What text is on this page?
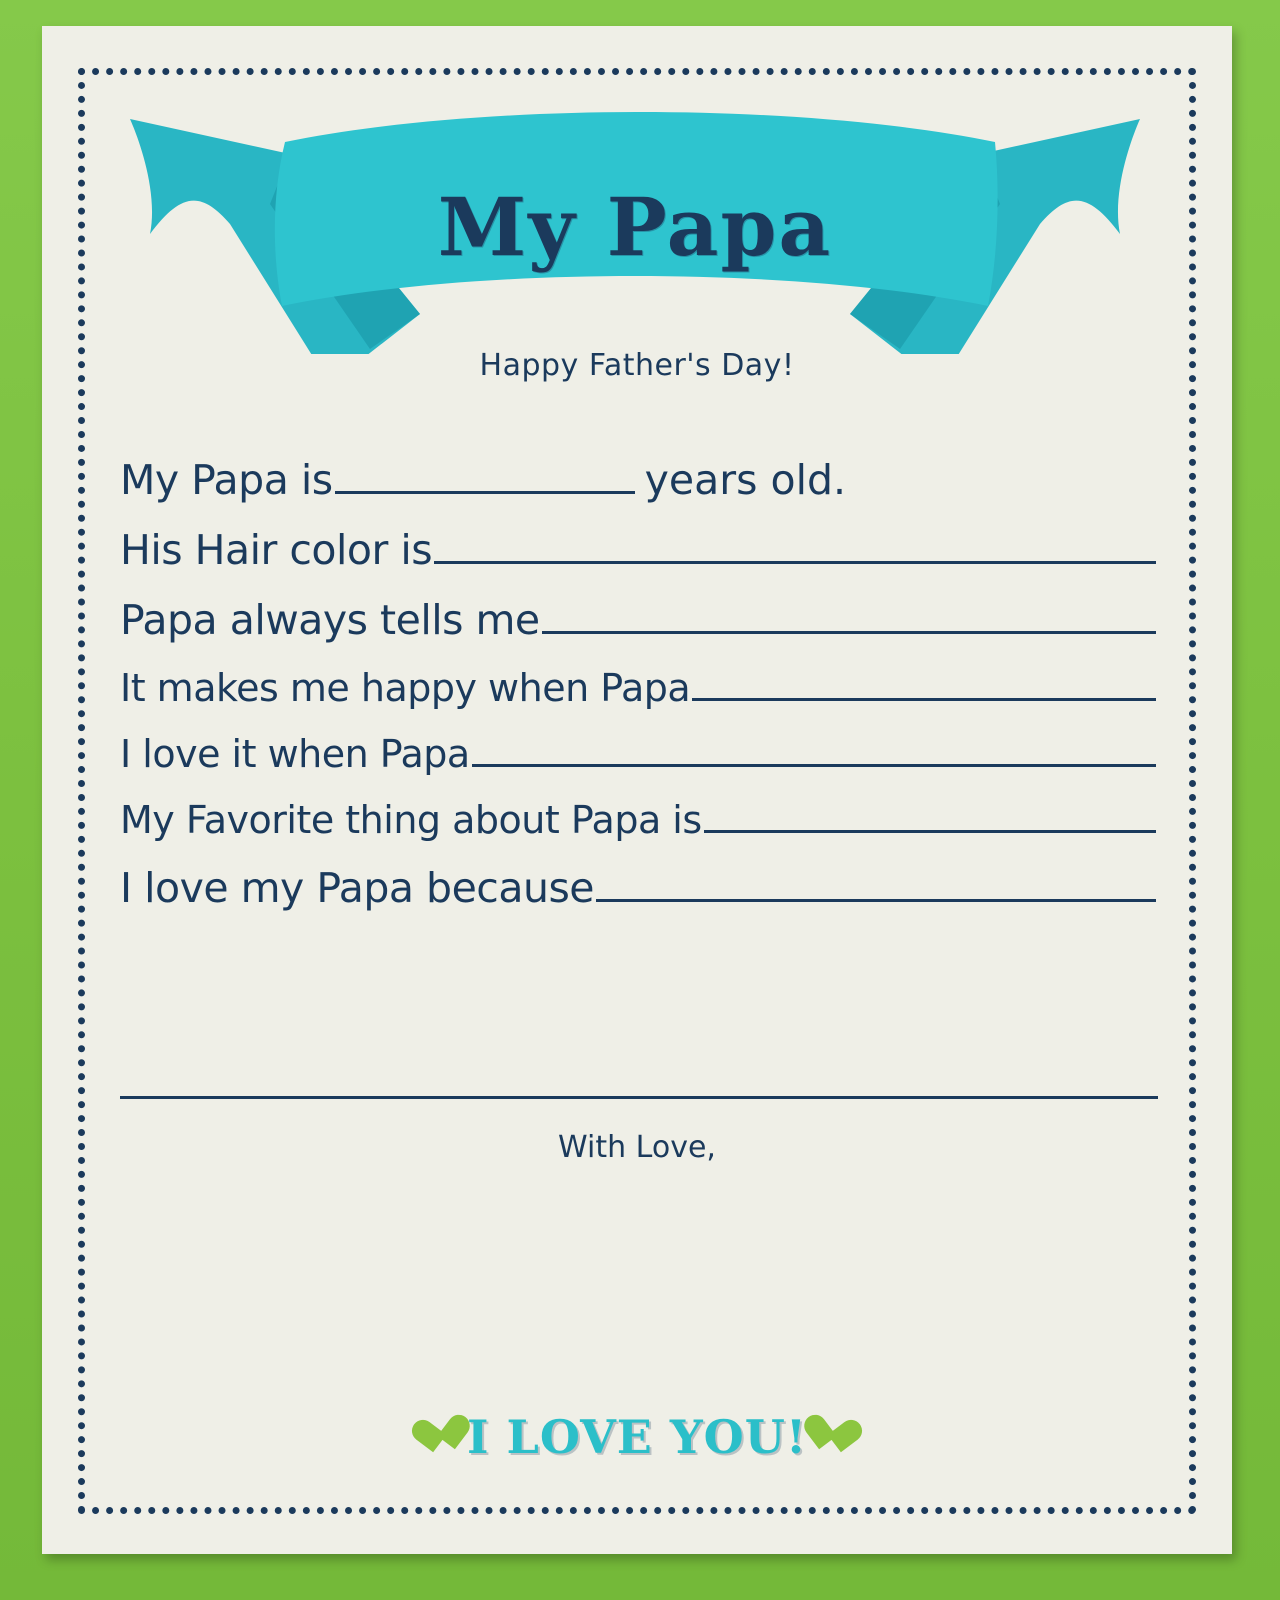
My Papa
Happy Father's Day!
My Papa is	years old.
His Hair color is
Papa always tells me
It makes me happy when Papa
I love it when Papa
My Favorite thing about Papa is
I love my Papa because
With Love,
I LOVE YOU!
